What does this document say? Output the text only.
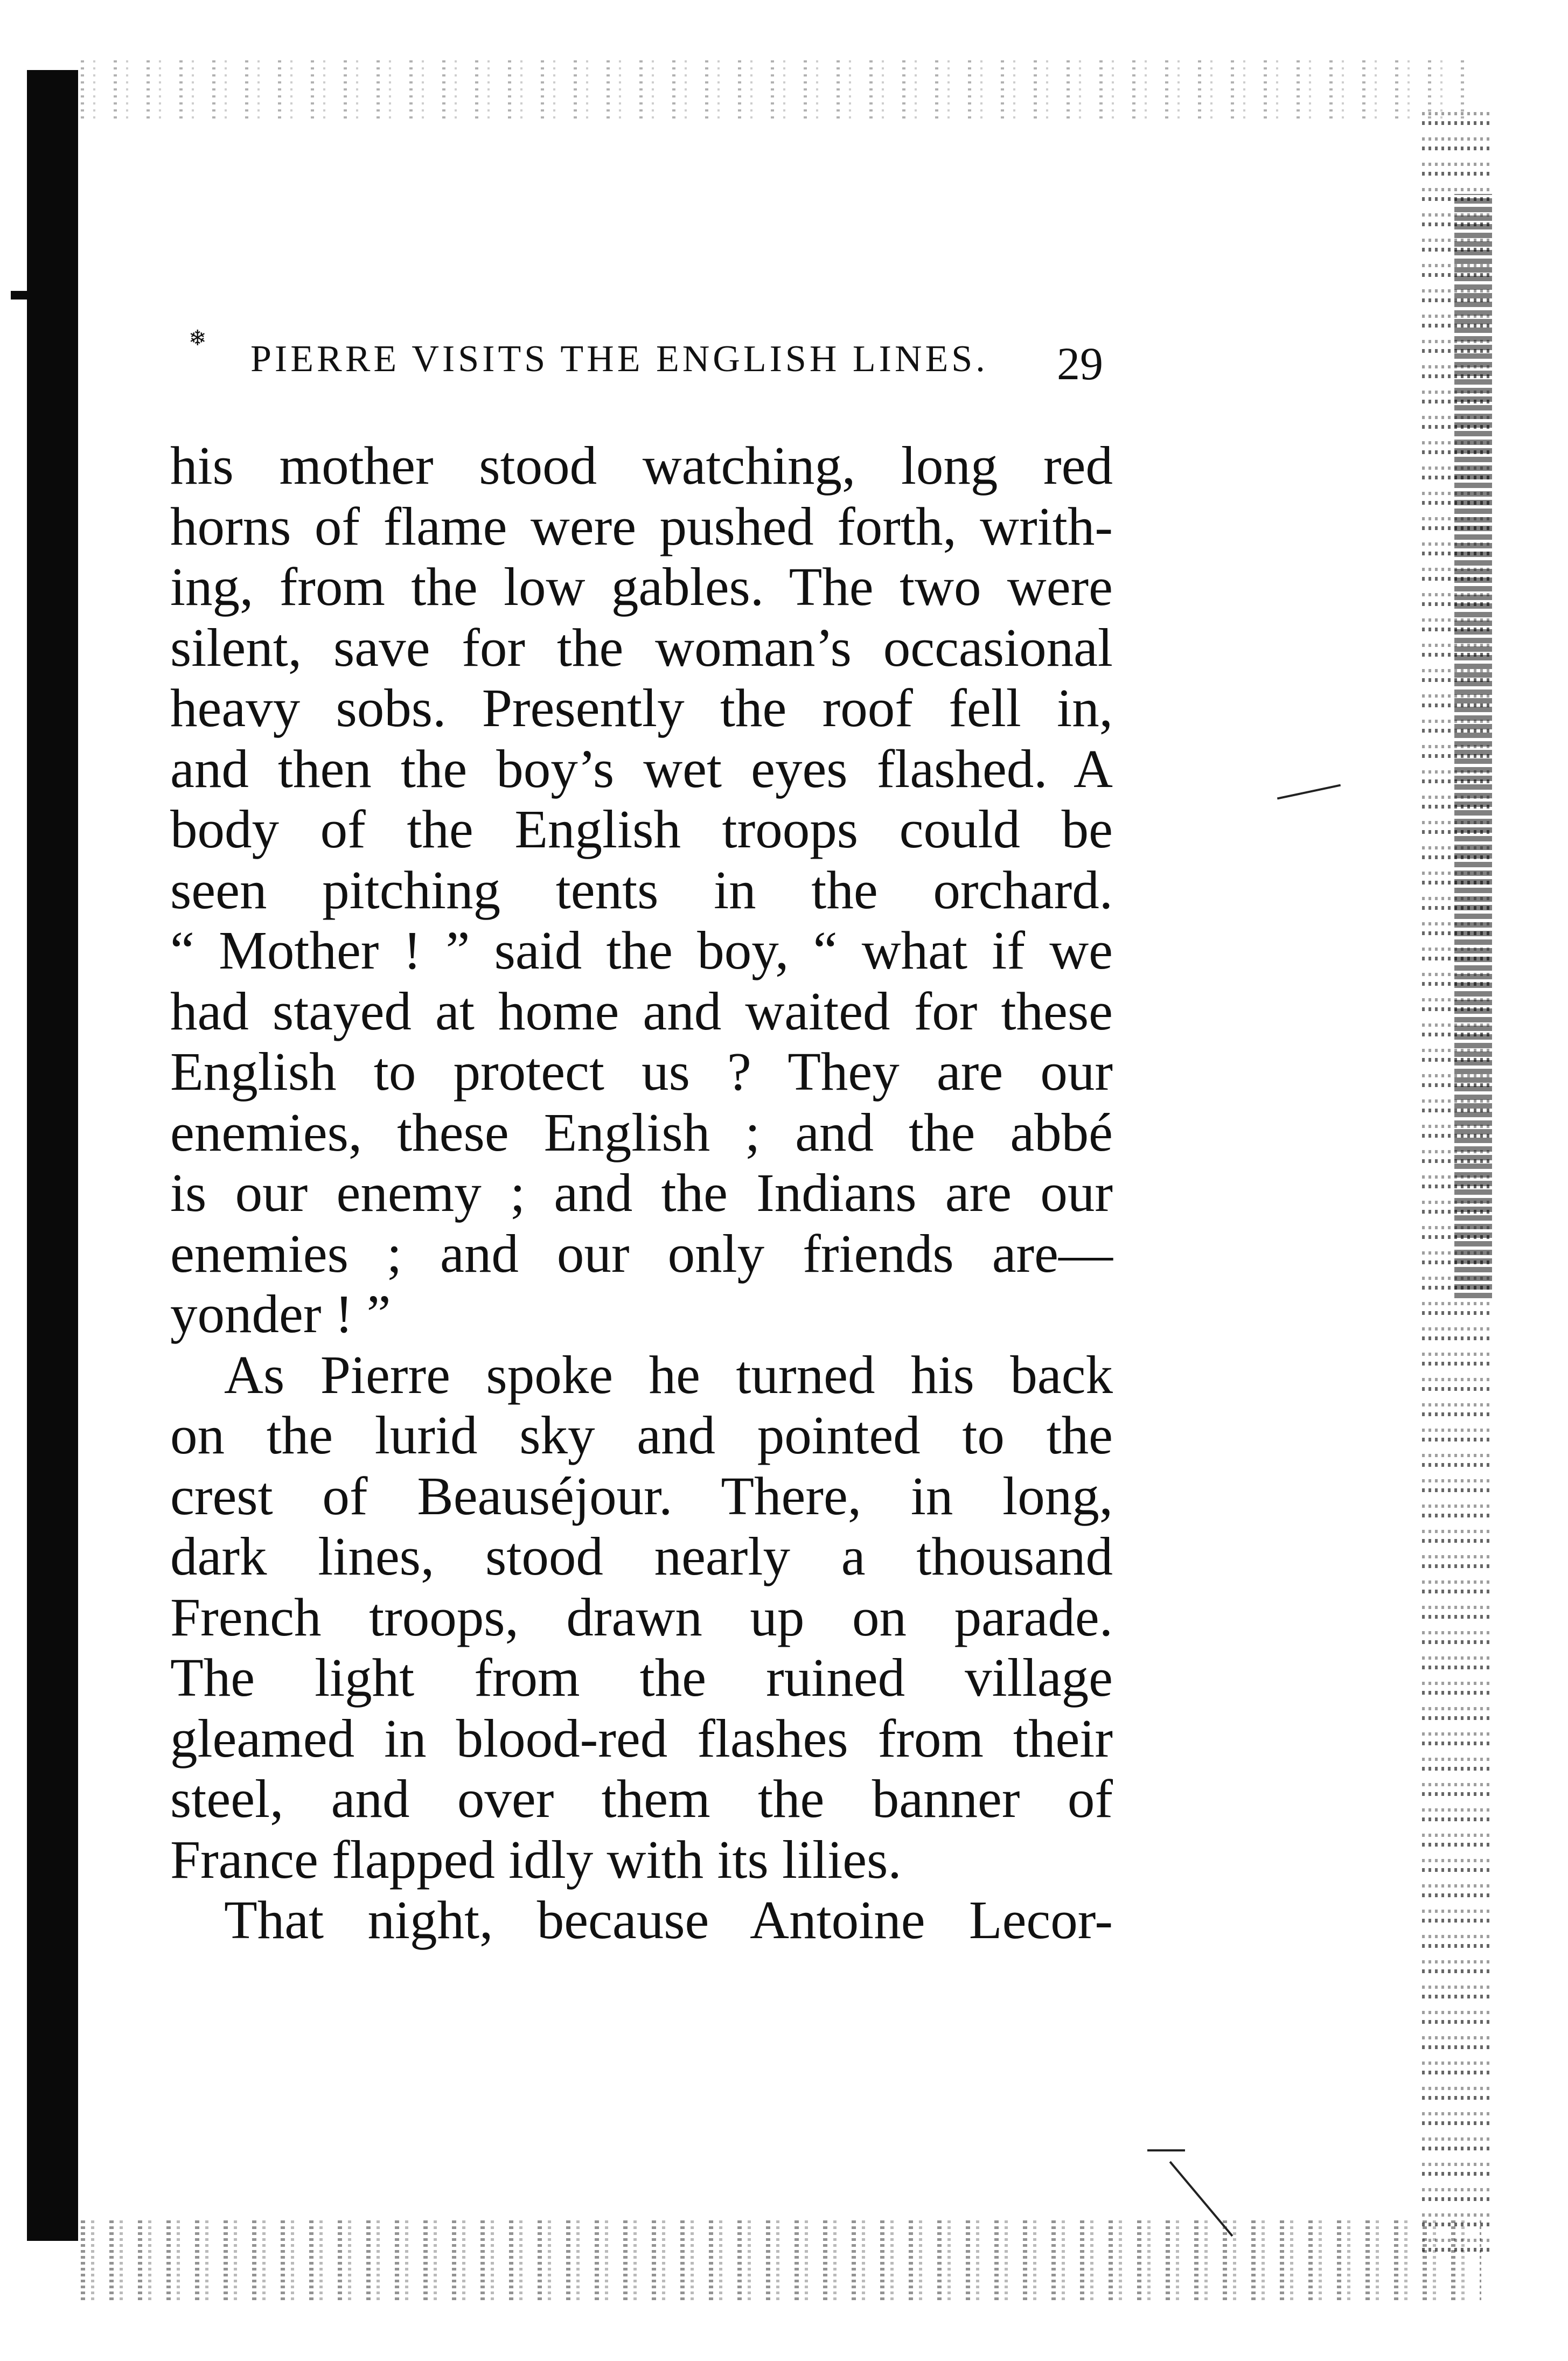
❄
PIERRE VISITS THE ENGLISH LINES.	29
his mother stood watching, long red
horns of flame were pushed forth, writh-
ing, from the low gables. The two were
silent, save for the woman’s occasional
heavy sobs. Presently the roof fell in,
and then the boy’s wet eyes flashed. A
body of the English troops could be
seen pitching tents in the orchard.
“ Mother ! ” said the boy, “ what if we
had stayed at home and waited for these
English to protect us ? They are our
enemies, these English ; and the abbé
is our enemy ; and the Indians are our
enemies ; and our only friends are—
yonder ! ”
As Pierre spoke he turned his back
on the lurid sky and pointed to the
crest of Beauséjour. There, in long,
dark lines, stood nearly a thousand
French troops, drawn up on parade.
The light from the ruined village
gleamed in blood-red flashes from their
steel, and over them the banner of
France flapped idly with its lilies.
That night, because Antoine Lecor-
